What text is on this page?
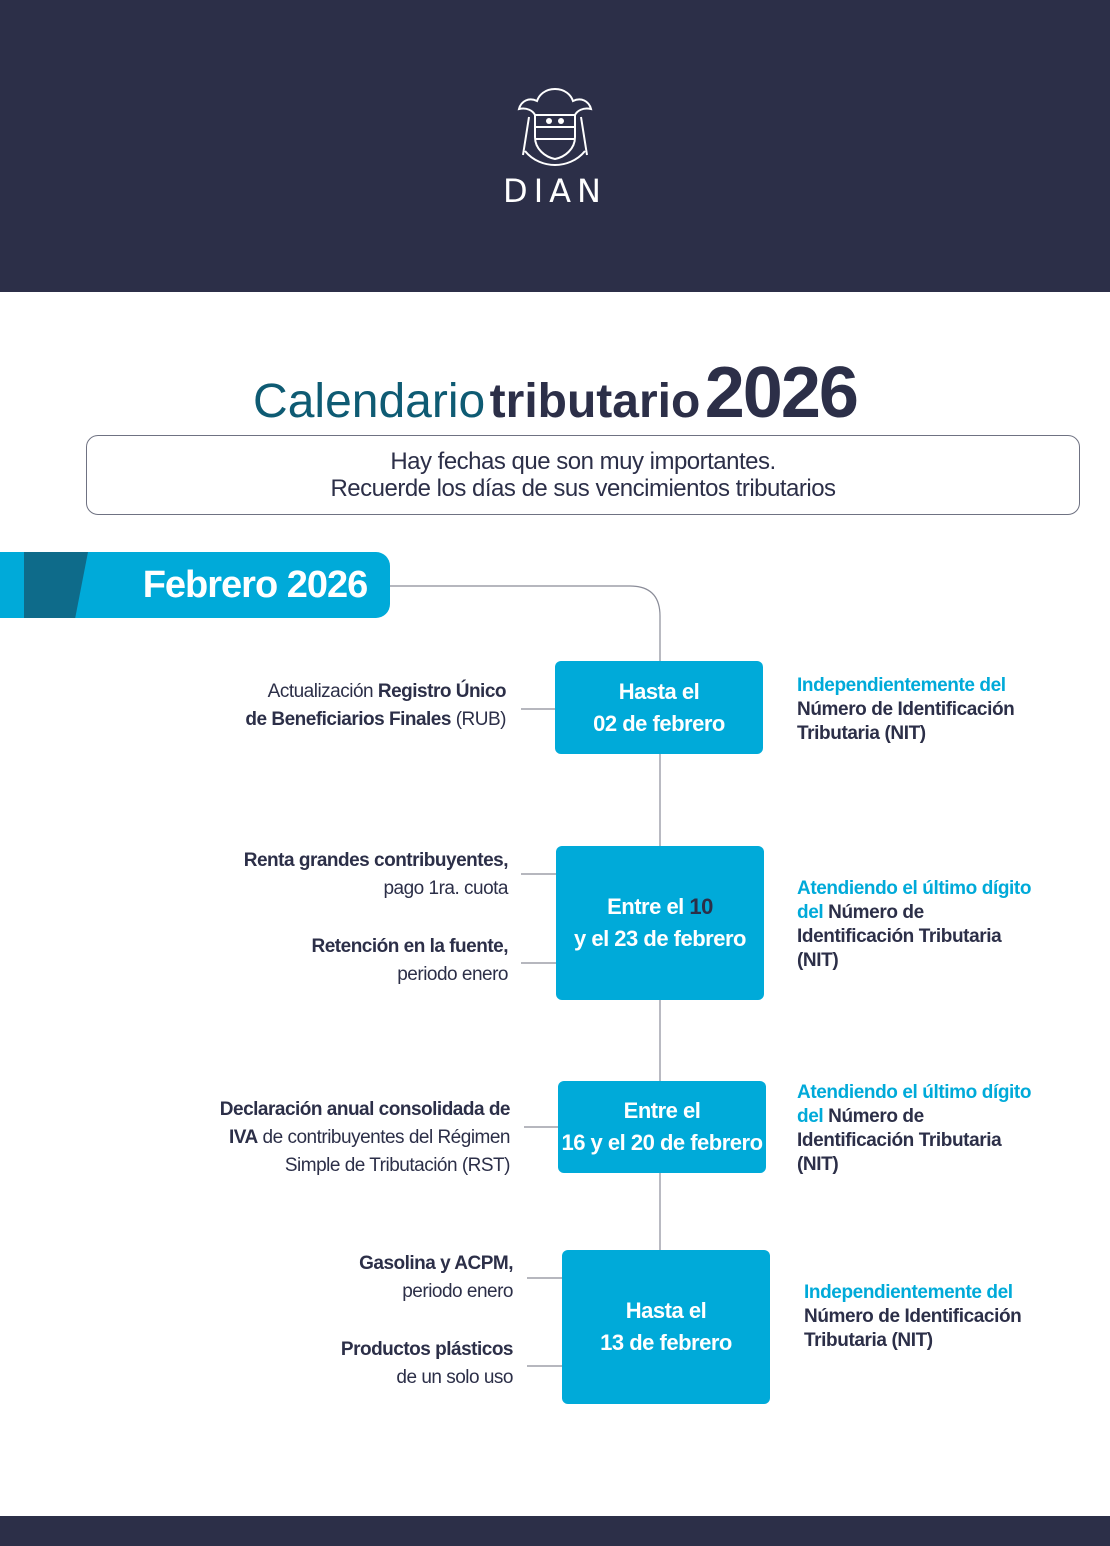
DIAN
Calendario tributario 2026
Hay fechas que son muy importantes.
Recuerde los días de sus vencimientos tributarios
Febrero 2026
Actualización Registro Único
de Beneficiarios Finales (RUB)
Hasta el
02 de febrero
Independientemente del
Número de Identificación Tributaria (NIT)
Renta grandes contribuyentes,
pago 1ra. cuota
Retención en la fuente,
periodo enero
Entre el 10
y el 23 de febrero
Atendiendo el último dígito
del Número de
Identificación Tributaria
(NIT)
Declaración anual consolidada de
IVA de contribuyentes del Régimen
Simple de Tributación (RST)
Entre el
16 y el 20 de febrero
Atendiendo el último dígito
del Número de
Identificación Tributaria
(NIT)
Gasolina y ACPM,
periodo enero
Productos plásticos
de un solo uso
Hasta el
13 de febrero
Independientemente del
Número de Identificación
Tributaria (NIT)
